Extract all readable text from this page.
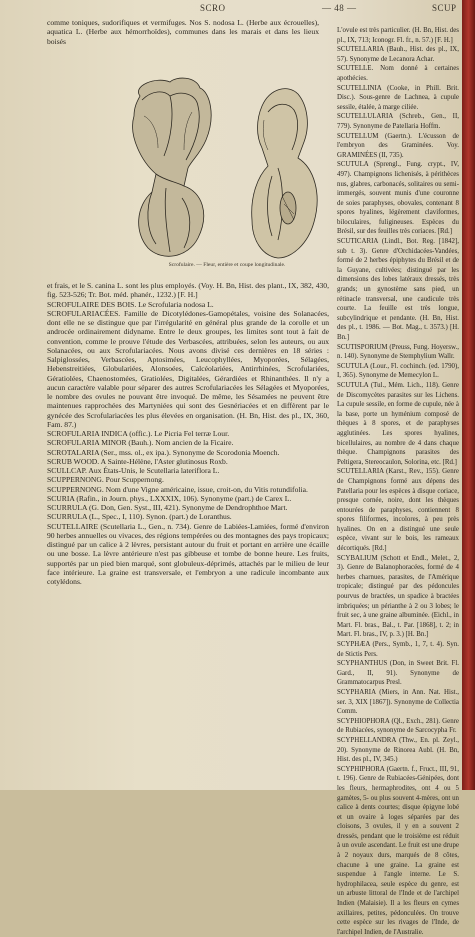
SCRO	— 48 —	SCUP

comme toniques, sudorifiques et vermifuges. Nos S. nodosa L. (Herbe aux écrouelles), aquatica L. (Herbe aux hémorrhoïdes), communes dans les marais et dans les lieux boisés

Scrofulaire. — Fleur, entière et coupe longitudinale.

et frais, et le S. canina L. sont les plus employés. (Voy. H. Bn, Hist. des plant., IX, 382, 430, fig. 523-526; Tr. Bot. méd. phanér., 1232.) [F. H.]

SCROFULAIRE DES BOIS. Le Scrofularia nodosa L.

SCROFULARIACÉES. Famille de Dicotylédones-Gamopétales, voisine des Solanacées, dont elle ne se distingue que par l'irrégularité en général plus grande de la corolle et un androcée ordinairement didyname. Entre le deux groupes, les limites sont tout à fait de convention, comme le prouve l'étude des Verbascées, attribuées, selon les auteurs, ou aux Solanacées, ou aux Scrofulariacées. Nous avons divisé ces dernières en 18 séries : Salpiglossées, Verbascées, Aptosimées, Leucophyllées, Myoporées, Sélagées, Hebenstreitiées, Globulariées, Alonsoées, Calcéolariées, Antirrhinées, Scrofulariées, Gératiolées, Chaenostomées, Gratiolées, Digitalées, Gérardiées et Rhinanthées. Il n'y a aucun caractère valable pour séparer des autres Scrofulariacées les Sélagées et Myoporées, le nombre des ovules ne pouvant être invoqué. De même, les Sésamées ne peuvent être maintenues rapprochées des Martyniées qui sont des Gesnériacées et en diffèrent par le gynécée des Scrofulariacées les plus élevées en organisation. (H. Bn, Hist. des pl., IX, 360, Fam. 87.)

SCROFULARIA INDICA (offic.). Le Picria Fel terræ Lour.

SCROFULARIA MINOR (Bauh.). Nom ancien de la Ficaire.

SCROTALARIA (Ser., mss. ol., ex ipa.). Synonyme de Scorodonia Moench.

SCRUB WOOD. A Sainte-Hélène, l'Aster glutinosus Roxb.

SCULLCAP. Aux États-Unis, le Scutellaria lateriflora L.

SCUPPERNONG. Pour Scuppernong.

SCUPPERNONG. Nom d'une Vigne américaine, issue, croit-on, du Vitis rotundifolia.

SCURIA (Rafin., in Journ. phys., LXXXIX, 106). Synonyme (part.) de Carex L.

SCURRULA (G. Don, Gen. Syst., III, 421). Synonyme de Dendrophthoe Mart.

SCURRULA (L., Spec., I, 110). Synon. (part.) de Loranthus.

SCUTELLAIRE (Scutellaria L., Gen., n. 734). Genre de Labiées-Lamiées, formé d'environ 90 herbes annuelles ou vivaces, des régions tempérées ou des montagnes des pays tropicaux; distingué par un calice à 2 lèvres, persistant autour du fruit et portant en arrière une écaille ou une bosse. La lèvre antérieure n'est pas gibbeuse et tombe de bonne heure. Les fruits, supportés par un pied bien marqué, sont globuleux-déprimés, attachés par le milieu de leur face intérieure. La graine est transversale, et l'embryon a une radicule incombante aux cotylédons.

L'ovule est très particulier. (H. Bn, Hist. des pl., IX, 713; Iconogr. Fl. fr., n. 57.) [F. H.]

SCUTELLARIA (Bauh., Hist. des pl., IX, 57). Synonyme de Lecanora Achar.

SCUTELLE. Nom donné à certaines apothécies.

SCUTELLINIA (Cooke, in Phill. Brit. Disc.). Sous-genre de Lachnea, à cupule sessile, étalée, à marge ciliée.

SCUTELLULARIA (Schreb., Gen., II, 779). Synonyme de Patellaria Hoffm.

SCUTELLUM (Gaertn.). L'écusson de l'embryon des Graminées. Voy. GRAMINÉES (II, 735).

SCUTULA (Sprengl., Fung. crypt., IV, 497). Champignons lichenisés, à périthèces nus, glabres, carbonacés, solitaires ou semi-immergés, souvent munis d'une couronne de soies paraphyses, obovales, contenant 8 spores hyalines, légèrement claviformes, biloculaires, fuligineuses. Espèces du Brésil, sur des feuilles très coriaces. [Rd.]

SCUTICARIA (Lindl., Bot. Reg. [1842], sub t. 3). Genre d'Orchidacées-Vandées, formé de 2 herbes épiphytes du Brésil et de la Guyane, cultivées; distingué par les dimensions des lobes latéraux dressés, très grands; un gynostème sans pied, un rétinacle transversal, une caudicule très courte. La feuille est très longue, subcylindrique et pendante. (H. Bn, Hist. des pl., t. 1986. — Bot. Mag., t. 3573.) [H. Bn.]

SCUTISPORIUM (Preuss, Fung. Hoyersw., n. 140). Synonyme de Stemphylium Wallr.

SCUTULA (Lour., Fl. cochinch. (ed. 1790), I, 365). Synonyme de Memecylon L.

SCUTULA (Tul., Mém. Lich., 118). Genre de Discomycètes parasites sur les Lichens. La cupule sessile, en forme de cupule, née à la base, porte un hyménium composé de thèques à 8 spores, et de paraphyses agglutinées. Les spores hyalines, bicellulaires, au nombre de 4 dans chaque thèque. Champignons parasites des Peltigera, Stereocaulon, Solorina, etc. [Rd.]

SCUTELLARIA (Karst., Rev., 155). Genre de Champignons formé aux dépens des Patellaria pour les espèces à disque coriace, presque cornée, noire, dont les thèques entourées de paraphyses, contiennent 8 spores filiformes, incolores, à peu près hyalines. On en a distingué une seule espèce, vivant sur le bois, les rameaux décortiqués. [Rd.]

SCYBALIUM (Schott et Endl., Melet., 2, 3). Genre de Balanophoracées, formé de 4 herbes charnues, parasites, de l'Amérique tropicale; distingué par des pédoncules pourvus de bractées, un spadice à bractées imbriquées; un périanthe à 2 ou 3 lobes; le fruit sec, à une graine albuminée. (Eichl., in Mart. Fl. bras., Bal., t. Par. [1868], t. 2; in Mart. Fl. bras., IV, p. 3.) [H. Bn.]

SCYPHÆA (Pers., Symb., 1, 7, t. 4). Syn. de Stictis Pers.

SCYPHANTHUS (Don, in Sweet Brit. Fl. Gard., II, 91). Synonyme de Grammatocarpus Presl.

SCYPHARIA (Miers, in Ann. Nat. Hist., ser. 3, XIX [1867]). Synonyme de Collectia Comm.

SCYPHIOPHORA (Ql., Exch., 281). Genre de Rubiacées, synonyme de Sarcocypha Fr.

SCYPHELLANDRA (Thw., En. pl. Zeyl., 20). Synonyme de Rinorea Aubl. (H. Bn, Hist. des pl., IV, 345.)

SCYPHIPHORA (Gaertn. f., Fruct., III, 91, t. 196). Genre de Rubiacées-Génipées, dont les fleurs, hermaphrodites, ont 4 ou 5 gamètes, 5- ou plus souvent 4-mères, ont un calice à dents courtes; disque épigyne lobé et un ovaire à loges séparées par des cloisons, 3 ovules, il y en a souvent 2 dressés, pendant que le troisième est réduit à un ovule ascendant. Le fruit est une drupe à 2 noyaux durs, marqués de 8 côtes, chacune à une graine. La graine est suspendue à l'angle interne. Le S. hydrophilacea, seule espèce du genre, est un arbuste littoral de l'Inde et de l'archipel Indien (Malaisie). Il a les fleurs en cymes axillaires, petites, pédonculées. On trouve cette espèce sur les rivages de l'Inde, de l'archipel Indien, de l'Australie.
